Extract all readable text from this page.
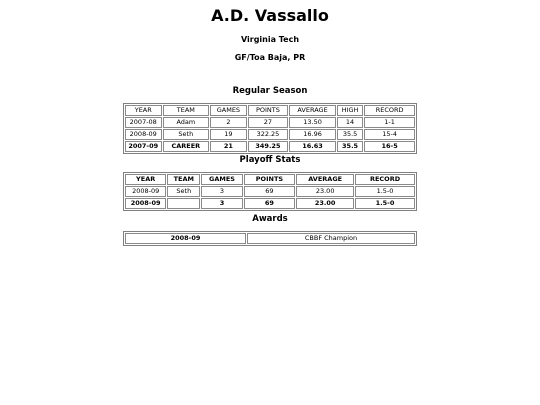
A.D. Vassallo

Virginia Tech

GF/Toa Baja, PR

Regular Season

YEAR	TEAM	GAMES	POINTS	AVERAGE	HIGH	RECORD
2007-08	Adam	2	27	13.50	14	1-1
2008-09	Seth	19	322.25	16.96	35.5	15-4
2007-09	CAREER	21	349.25	16.63	35.5	16-5

Playoff Stats

YEAR	TEAM	GAMES	POINTS	AVERAGE	RECORD
2008-09	Seth	3	69	23.00	1.5-0
2008-09		3	69	23.00	1.5-0

Awards

2008-09	CBBF Champion
